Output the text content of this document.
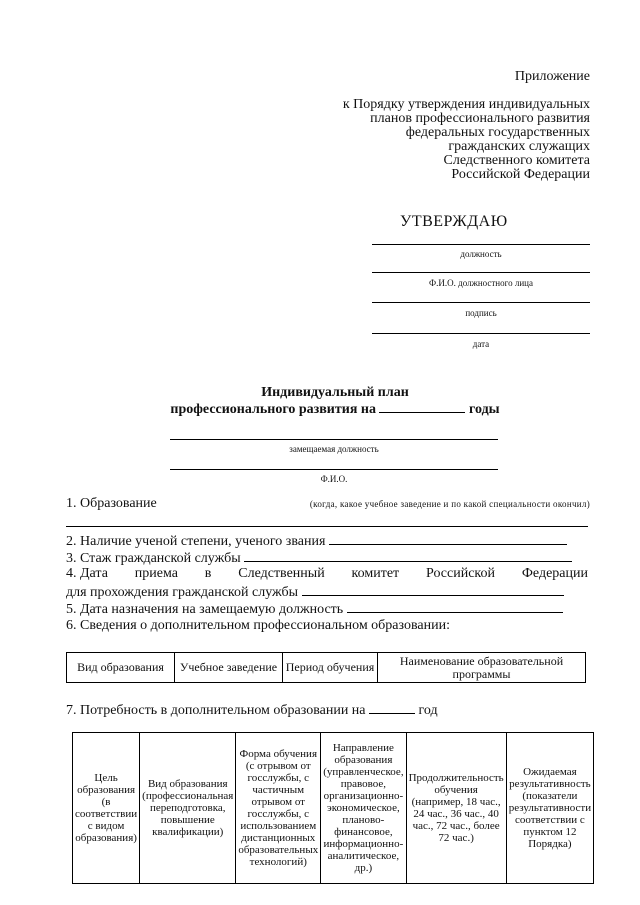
Приложение
к Порядку утверждения индивидуальных
планов профессионального развития
федеральных государственных
гражданских служащих
Следственного комитета
Российской Федерации
УТВЕРЖДАЮ
должность
Ф.И.О. должностного лица
подпись
дата
Индивидуальный план
профессионального развития на	годы
замещаемая должность
Ф.И.О.
1. Образование	(когда, какое учебное заведение и по какой специальности окончил)
2. Наличие ученой степени, ученого звания
3. Стаж гражданской службы
4. Дата приема в Следственный комитет Российской Федерации
для прохождения гражданской службы
5. Дата назначения на замещаемую должность
6. Сведения о дополнительном профессиональном образовании:
Вид образования	Учебное заведение	Период обучения	Наименование образовательной программы
7. Потребность в дополнительном образовании на	год
Цель образования (в соответствии с видом образования)	Вид образования (профессиональная переподготовка, повышение квалификации)	Форма обучения (с отрывом от госслужбы, с частичным отрывом от госслужбы, с использованием дистанционных образовательных технологий)	Направление образования (управленческое, правовое, организационно-экономическое, планово-финансовое, информационно-аналитическое, др.)	Продолжительность обучения (например, 18 час., 24 час., 36 час., 40 час., 72 час., более 72 час.)	Ожидаемая результативность (показатели результативности соответствии с пунктом 12 Порядка)
